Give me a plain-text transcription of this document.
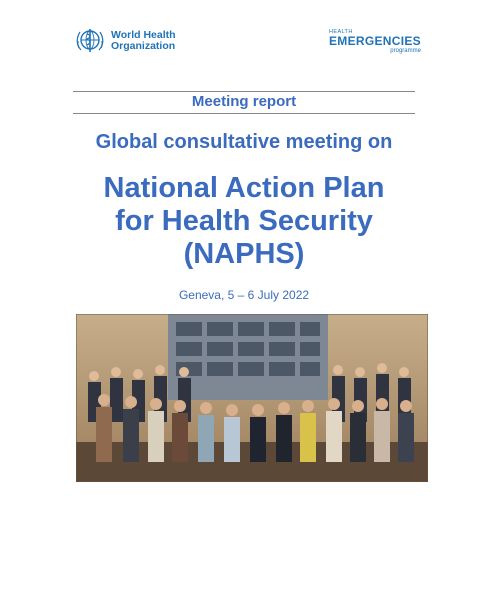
World Health
Organization
HEALTH
EMERGENCIES
programme
Meeting report
Global consultative meeting on
National Action Plan
for Health Security
(NAPHS)
Geneva, 5 – 6 July 2022
